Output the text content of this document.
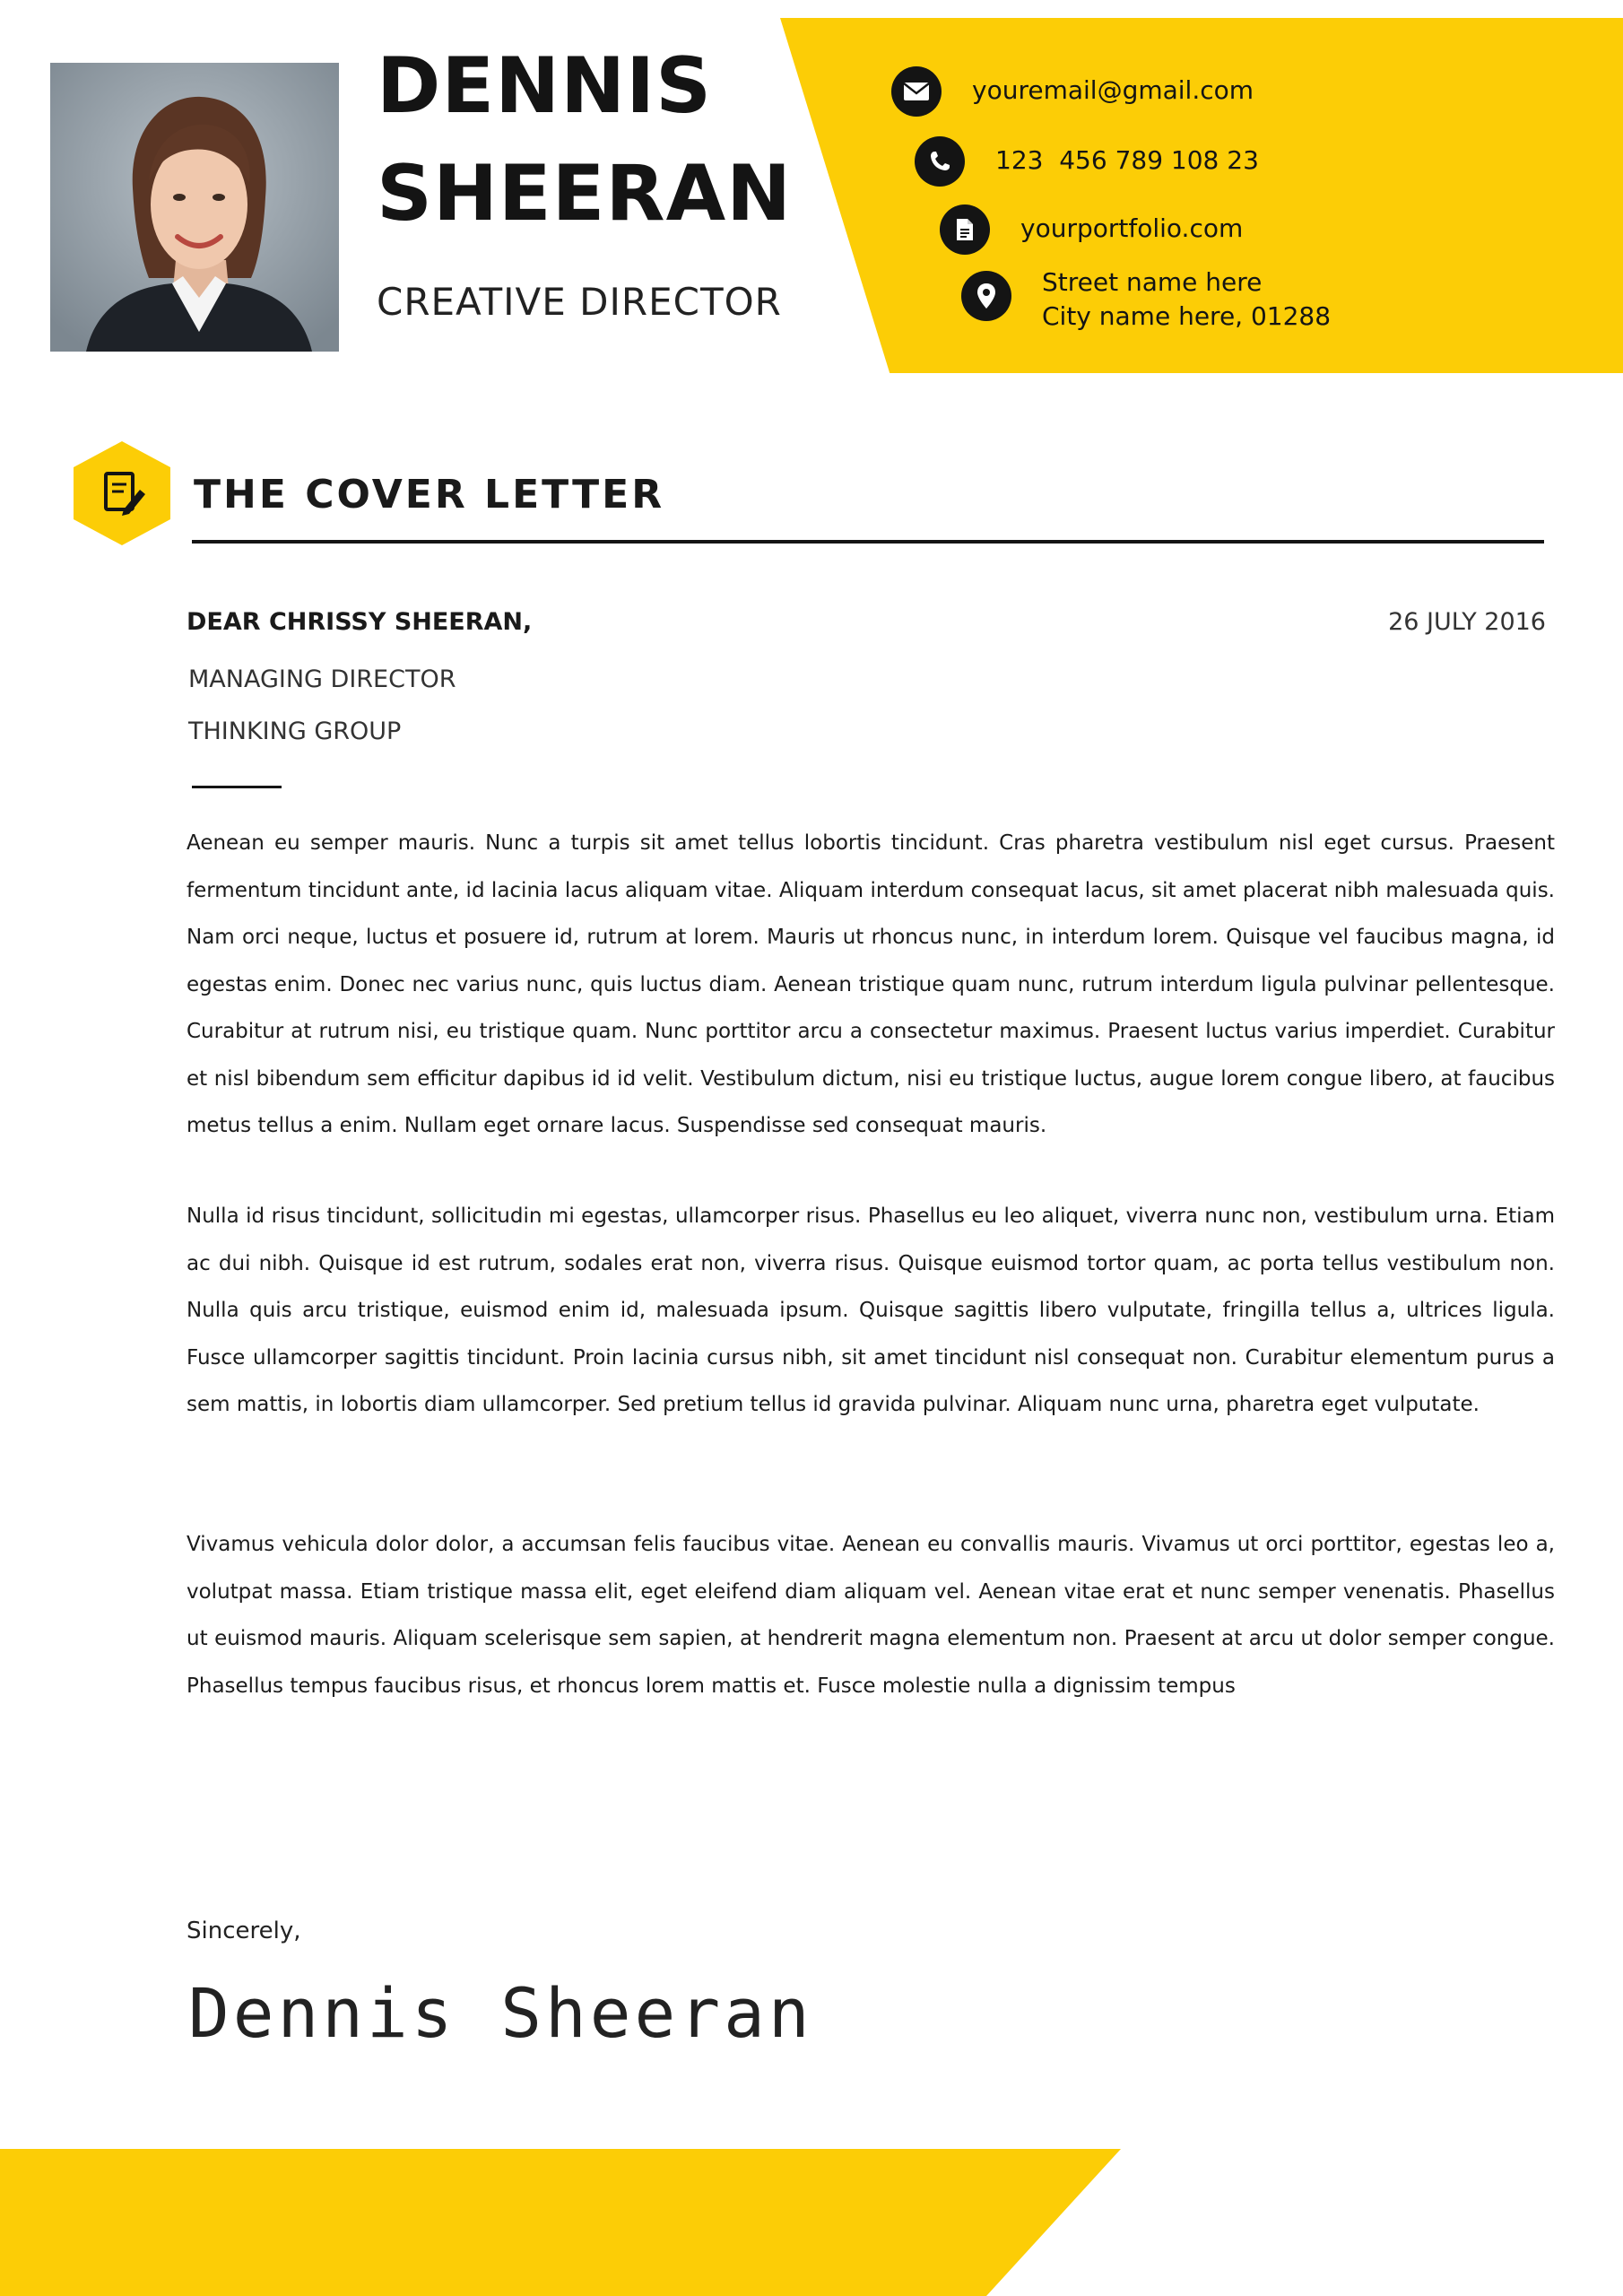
DENNIS
SHEERAN
CREATIVE DIRECTOR
youremail@gmail.com
123  456 789 108 23
yourportfolio.com
Street name here
City name here, 01288
THE COVER LETTER
DEAR CHRISSY SHEERAN,	26 JULY 2016
MANAGING DIRECTOR
THINKING GROUP

Aenean eu semper mauris. Nunc a turpis sit amet tellus lobortis tincidunt. Cras pharetra vestibulum nisl eget cursus. Praesent fermentum tincidunt ante, id lacinia lacus aliquam vitae. Aliquam interdum consequat lacus, sit amet placerat nibh malesuada quis. Nam orci neque, luctus et posuere id, rutrum at lorem. Mauris ut rhoncus nunc, in interdum lorem. Quisque vel faucibus magna, id egestas enim. Donec nec varius nunc, quis luctus diam. Aenean tristique quam nunc, rutrum interdum ligula pulvinar pellentesque. Curabitur at rutrum nisi, eu tristique quam. Nunc porttitor arcu a consectetur maximus. Praesent luctus varius imperdiet. Curabitur et nisl bibendum sem efficitur dapibus id id velit. Vestibulum dictum, nisi eu tristique luctus, augue lorem congue libero, at faucibus metus tellus a enim. Nullam eget ornare lacus. Suspendisse sed consequat mauris.

Nulla id risus tincidunt, sollicitudin mi egestas, ullamcorper risus. Phasellus eu leo aliquet, viverra nunc non, vestibulum urna. Etiam ac dui nibh. Quisque id est rutrum, sodales erat non, viverra risus. Quisque euismod tortor quam, ac porta tellus vestibulum non. Nulla quis arcu tristique, euismod enim id, malesuada ipsum. Quisque sagittis libero vulputate, fringilla tellus a, ultrices ligula. Fusce ullamcorper sagittis tincidunt. Proin lacinia cursus nibh, sit amet tincidunt nisl consequat non. Curabitur elementum purus a sem mattis, in lobortis diam ullamcorper. Sed pretium tellus id gravida pulvinar. Aliquam nunc urna, pharetra eget vulputate.

Vivamus vehicula dolor dolor, a accumsan felis faucibus vitae. Aenean eu convallis mauris. Vivamus ut orci porttitor, egestas leo a, volutpat massa. Etiam tristique massa elit, eget eleifend diam aliquam vel. Aenean vitae erat et nunc semper venenatis. Phasellus ut euismod mauris. Aliquam scelerisque sem sapien, at hendrerit magna elementum non. Praesent at arcu ut dolor semper congue. Phasellus tempus faucibus risus, et rhoncus lorem mattis et. Fusce molestie nulla a dignissim tempus

Sincerely,
Dennis Sheeran
